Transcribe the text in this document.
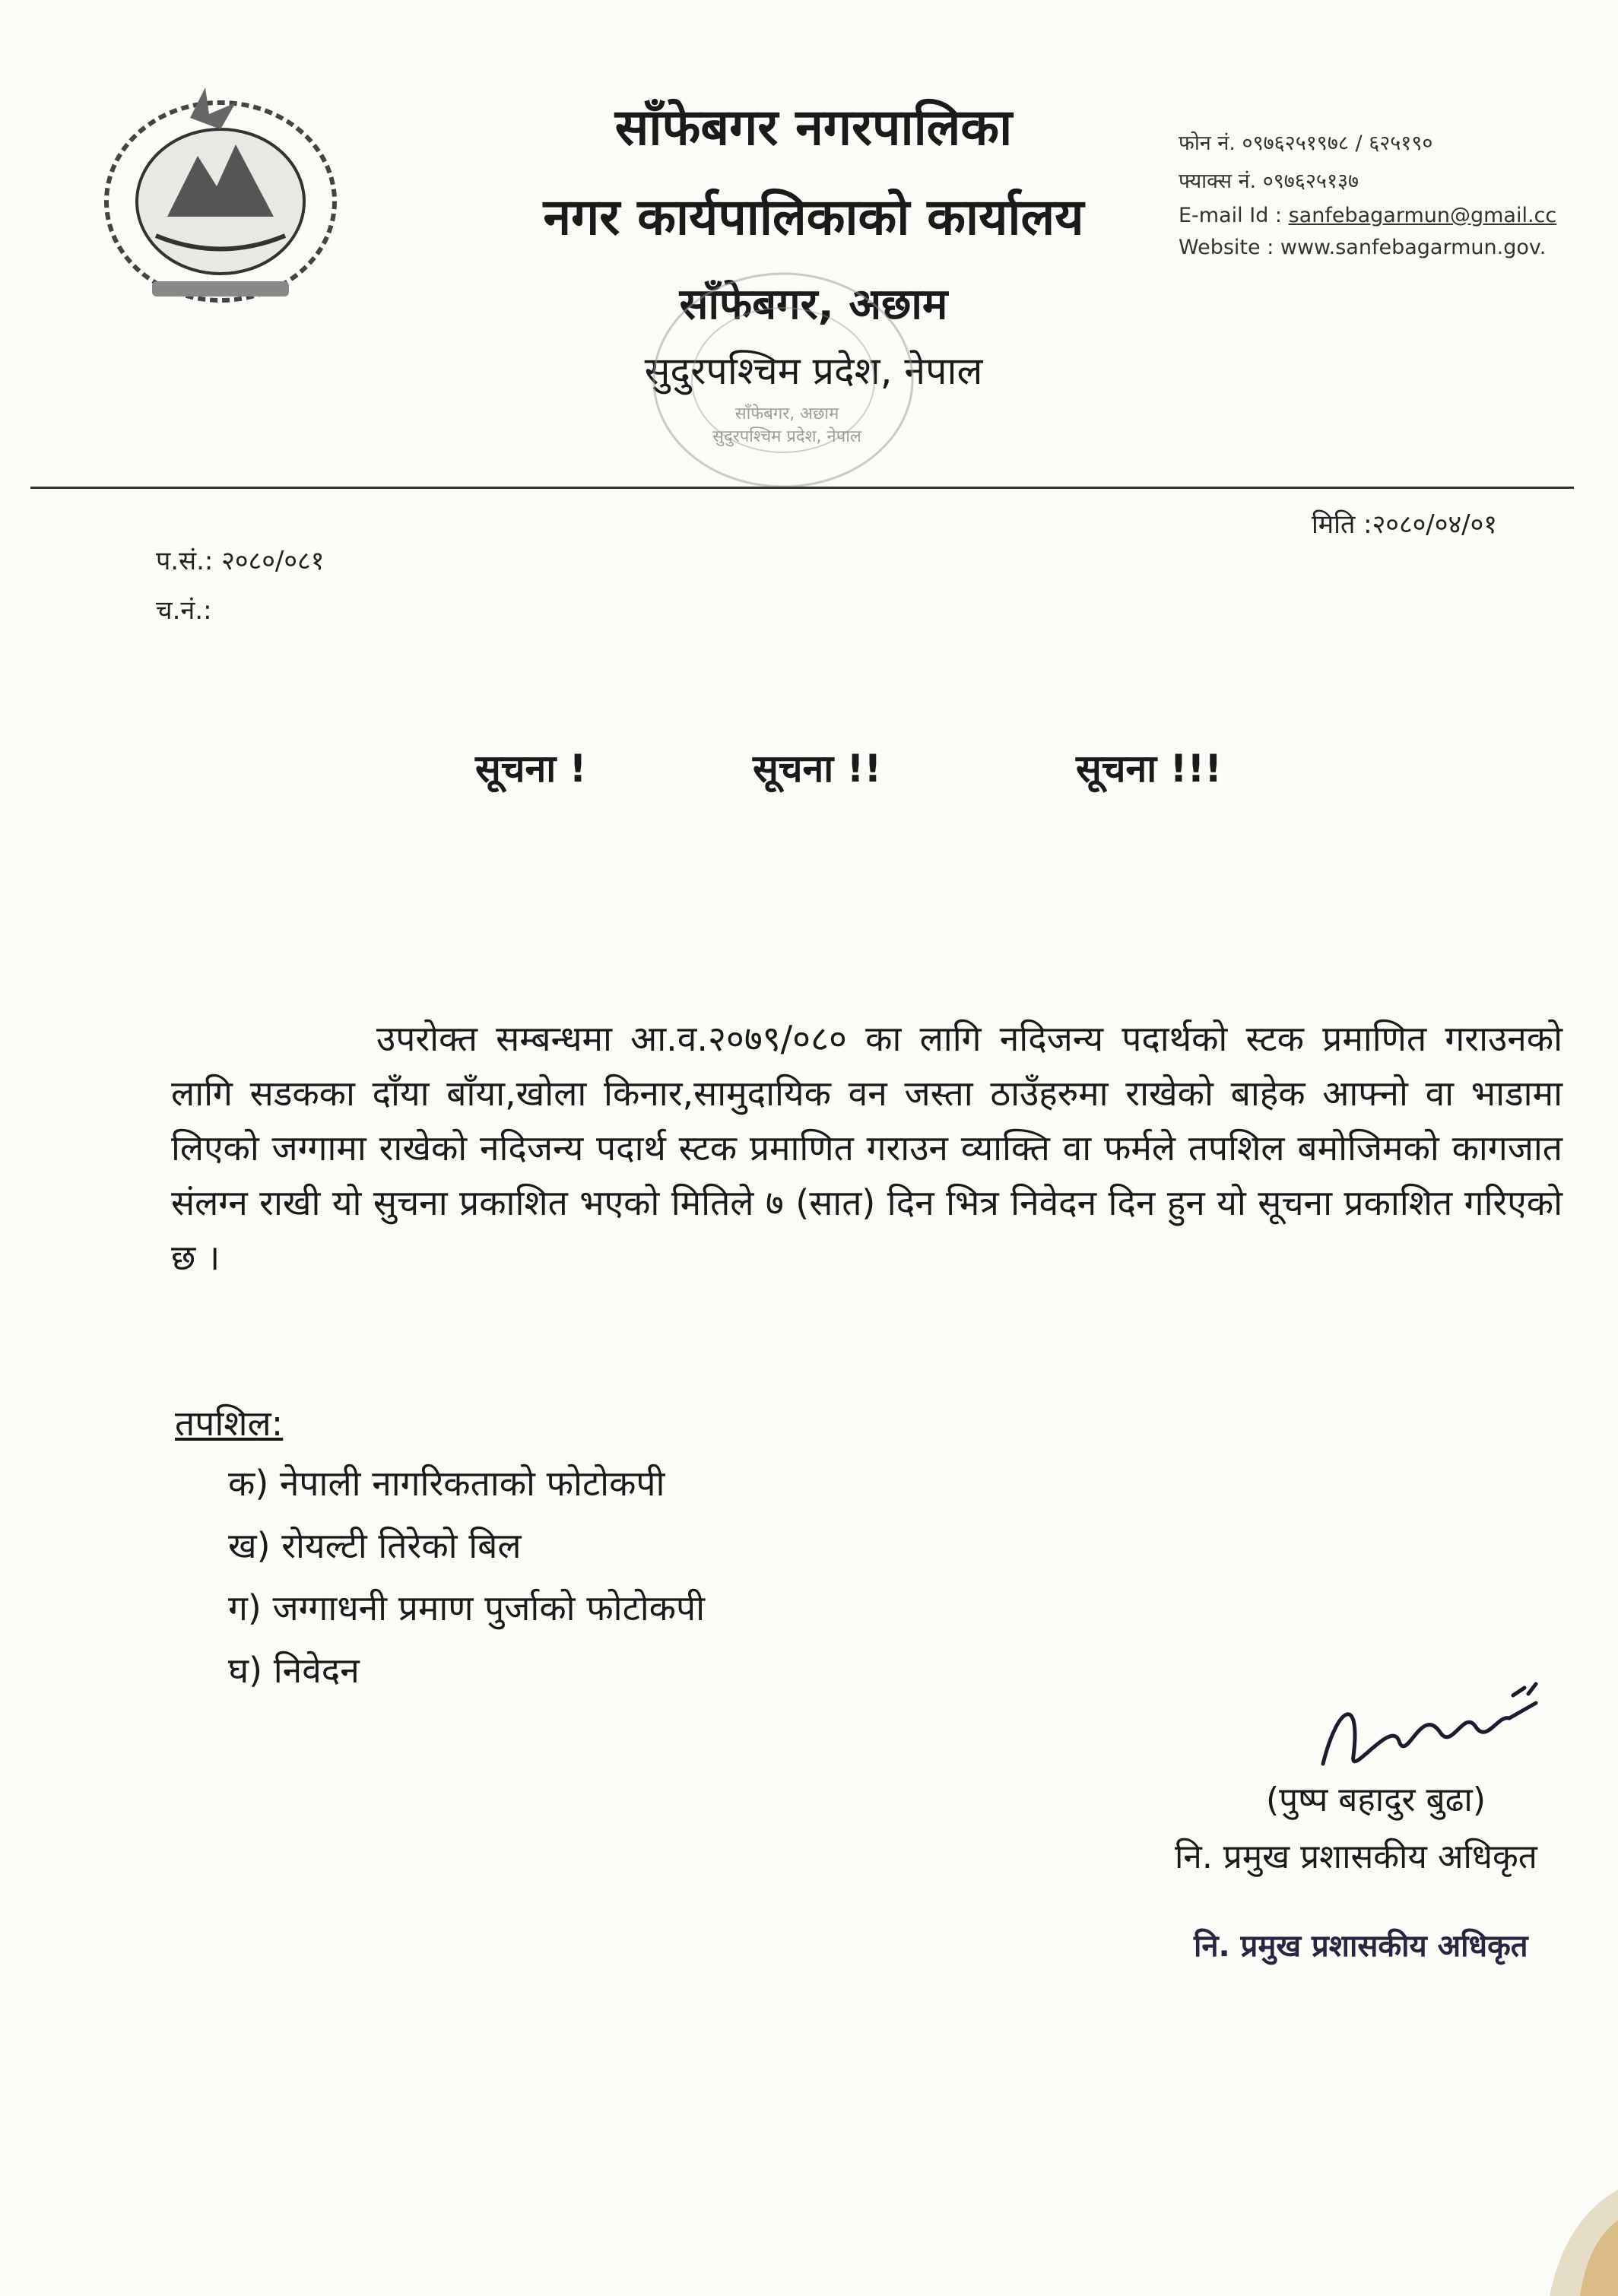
साँफेबगर नगरपालिका
नगर कार्यपालिकाको कार्यालय
साँफेबगर, अछाम
सुदुरपश्चिम प्रदेश, नेपाल
साँफेबगर, अछाम सुदुरपश्चिम प्रदेश, नेपाल
फोन नं. ०९७६२५१९७८ / ६२५१९०
फ्याक्स नं. ०९७६२५१३७
E-mail Id : sanfebagarmun@gmail.cc
Website : www.sanfebagarmun.gov.
मिति :२०८०/०४/०१
प.सं.: २०८०/०८१
च.नं.:
सूचना !	सूचना !!	सूचना !!!

उपरोक्त सम्बन्धमा आ.व.२०७९/०८० का लागि नदिजन्य पदार्थको स्टक प्रमाणित गराउनको लागि सडकका दाँया बाँया,खोला किनार,सामुदायिक वन जस्ता ठाउँहरुमा राखेको बाहेक आफ्नो वा भाडामा लिएको जग्गामा राखेको नदिजन्य पदार्थ स्टक प्रमाणित गराउन व्याक्ति वा फर्मले तपशिल बमोजिमको कागजात संलग्न राखी यो सुचना प्रकाशित भएको मितिले ७ (सात) दिन भित्र निवेदन दिन हुन यो सूचना प्रकाशित गरिएको छ ।

तपशिल:
क) नेपाली नागरिकताको फोटोकपी
ख) रोयल्टी तिरेको बिल
ग) जग्गाधनी प्रमाण पुर्जाको फोटोकपी
घ) निवेदन
(पुष्प बहादुर बुढा)
नि. प्रमुख प्रशासकीय अधिकृत
नि. प्रमुख प्रशासकीय अधिकृत
